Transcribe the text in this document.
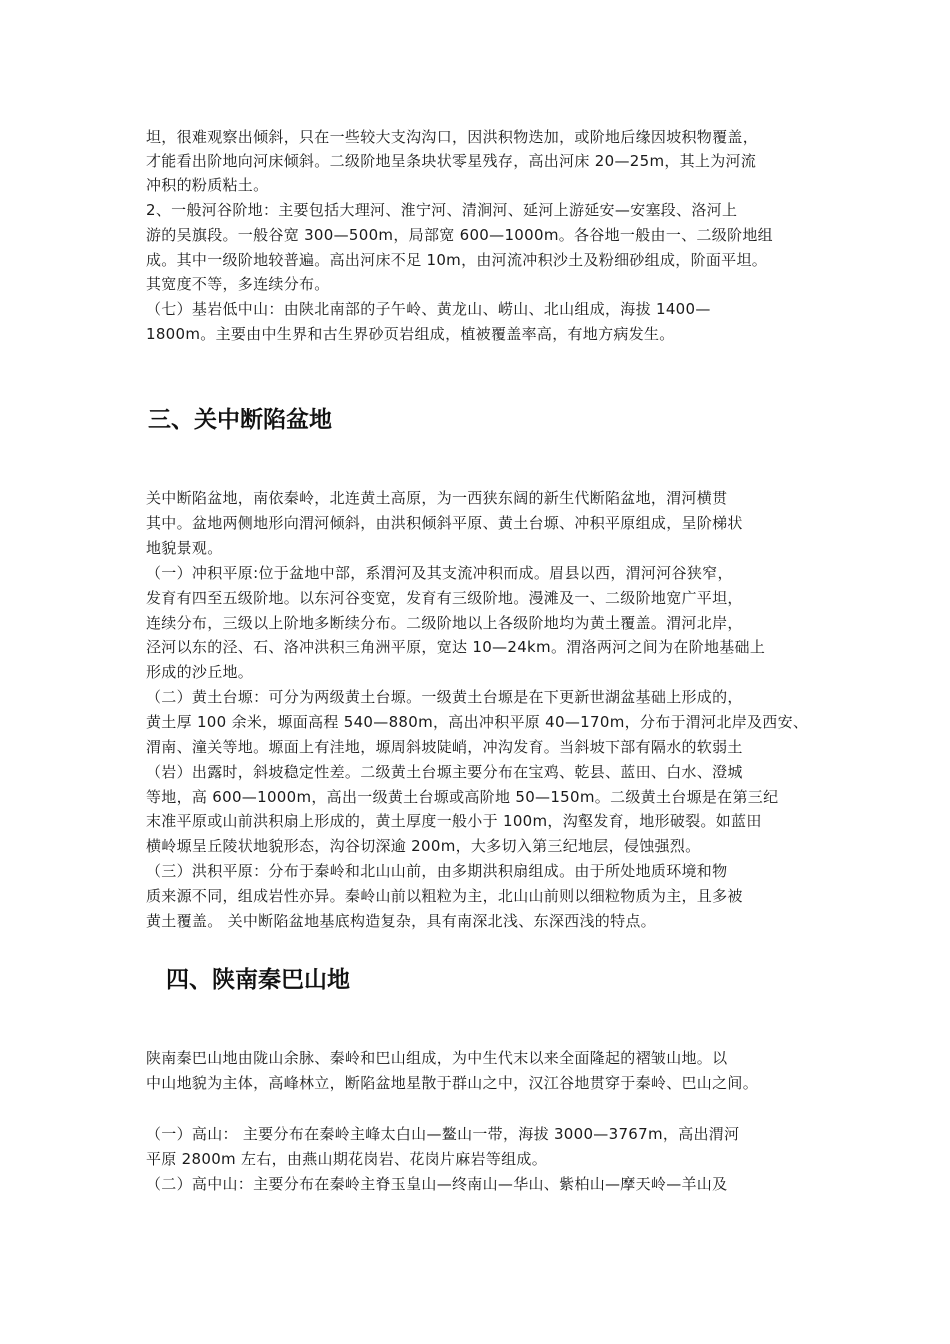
坦，很难观察出倾斜，只在一些较大支沟沟口，因洪积物迭加，或阶地后缘因坡积物覆盖，
才能看出阶地向河床倾斜。二级阶地呈条块状零星残存，高出河床 20—25m，其上为河流
冲积的粉质粘土。
2、一般河谷阶地：主要包括大理河、淮宁河、清涧河、延河上游延安—安塞段、洛河上
游的吴旗段。一般谷宽 300—500m，局部宽 600—1000m。各谷地一般由一、二级阶地组
成。其中一级阶地较普遍。高出河床不足 10m，由河流冲积沙土及粉细砂组成，阶面平坦。
其宽度不等，多连续分布。
（七）基岩低中山：由陕北南部的子午岭、黄龙山、崂山、北山组成，海拔 1400—
1800m。主要由中生界和古生界砂页岩组成，植被覆盖率高，有地方病发生。
三、关中断陷盆地
关中断陷盆地，南依秦岭，北连黄土高原，为一西狭东阔的新生代断陷盆地，渭河横贯
其中。盆地两侧地形向渭河倾斜，由洪积倾斜平原、黄土台塬、冲积平原组成，呈阶梯状
地貌景观。
（一）冲积平原:位于盆地中部，系渭河及其支流冲积而成。眉县以西，渭河河谷狭窄，
发育有四至五级阶地。以东河谷变宽，发育有三级阶地。漫滩及一、二级阶地宽广平坦，
连续分布，三级以上阶地多断续分布。二级阶地以上各级阶地均为黄土覆盖。渭河北岸，
泾河以东的泾、石、洛冲洪积三角洲平原，宽达 10—24km。渭洛两河之间为在阶地基础上
形成的沙丘地。
（二）黄土台塬：可分为两级黄土台塬。一级黄土台塬是在下更新世湖盆基础上形成的，
黄土厚 100 余米，塬面高程 540—880m，高出冲积平原 40—170m，分布于渭河北岸及西安、
渭南、潼关等地。塬面上有洼地，塬周斜坡陡峭，冲沟发育。当斜坡下部有隔水的软弱土
（岩）出露时，斜坡稳定性差。二级黄土台塬主要分布在宝鸡、乾县、蓝田、白水、澄城
等地，高 600—1000m，高出一级黄土台塬或高阶地 50—150m。二级黄土台塬是在第三纪
末准平原或山前洪积扇上形成的，黄土厚度一般小于 100m，沟壑发育，地形破裂。如蓝田
横岭塬呈丘陵状地貌形态，沟谷切深逾 200m，大多切入第三纪地层，侵蚀强烈。
（三）洪积平原：分布于秦岭和北山山前，由多期洪积扇组成。由于所处地质环境和物
质来源不同，组成岩性亦异。秦岭山前以粗粒为主，北山山前则以细粒物质为主，且多被
黄土覆盖。 关中断陷盆地基底构造复杂，具有南深北浅、东深西浅的特点。
四、陕南秦巴山地
陕南秦巴山地由陇山余脉、秦岭和巴山组成，为中生代末以来全面隆起的褶皱山地。以
中山地貌为主体，高峰林立，断陷盆地星散于群山之中，汉江谷地贯穿于秦岭、巴山之间。
（一）高山： 主要分布在秦岭主峰太白山—鳌山一带，海拔 3000—3767m，高出渭河
平原 2800m 左右，由燕山期花岗岩、花岗片麻岩等组成。
（二）高中山：主要分布在秦岭主脊玉皇山—终南山—华山、紫柏山—摩天岭—羊山及
